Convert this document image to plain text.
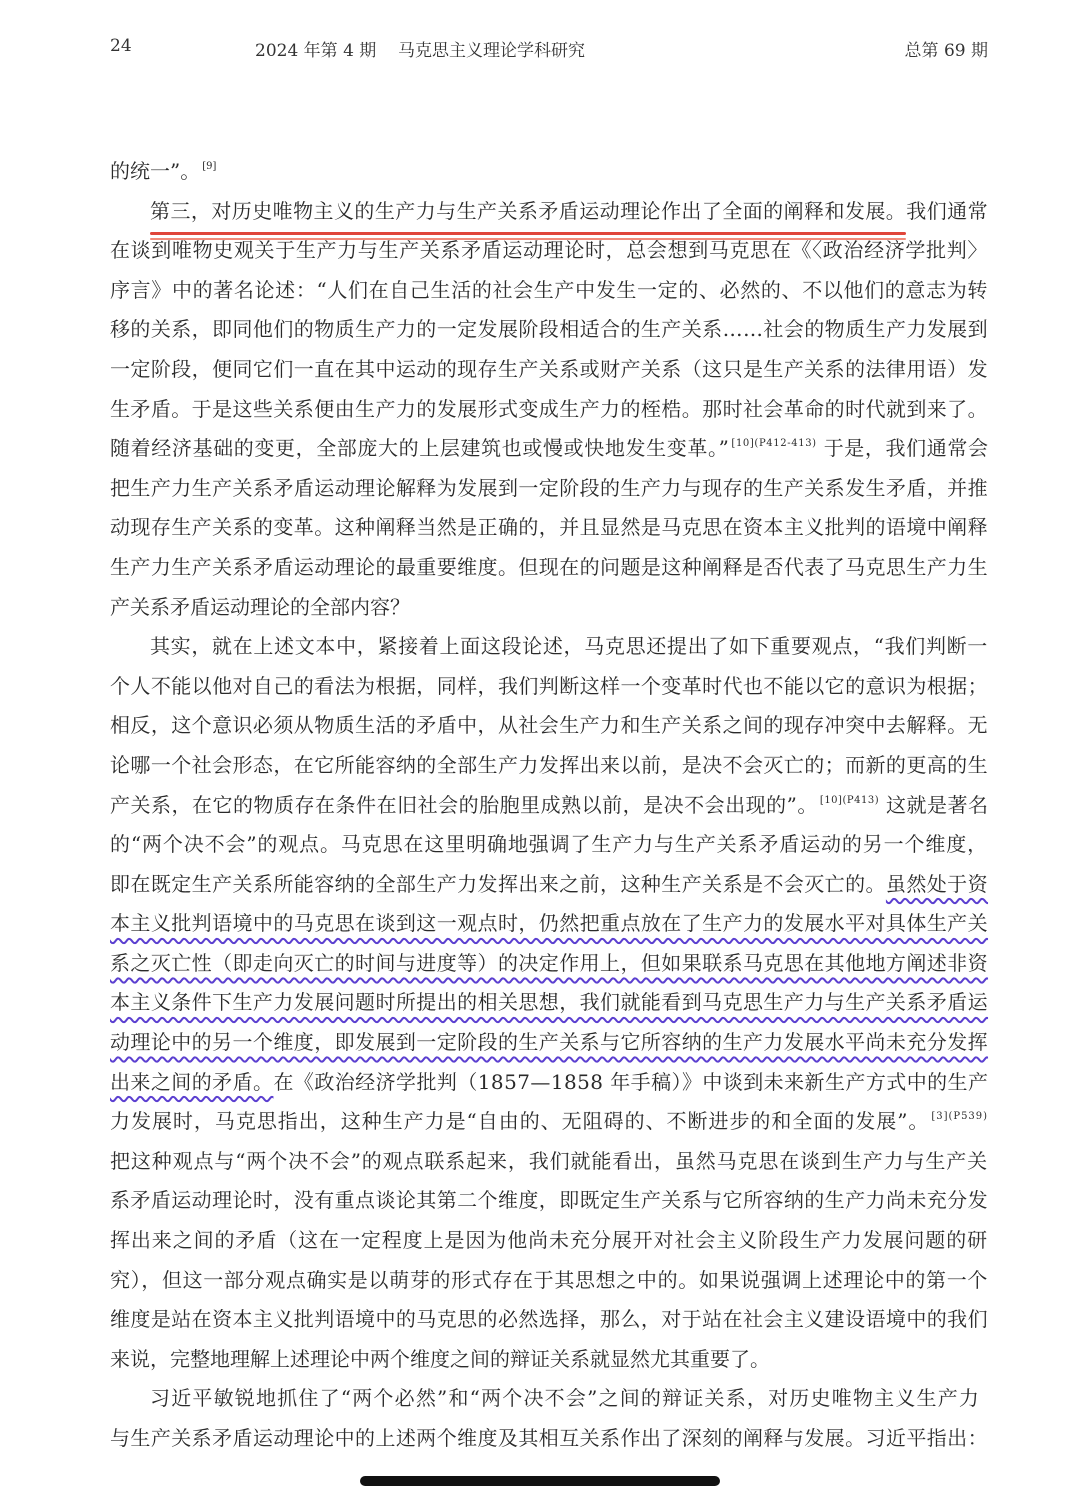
24	2024 年第 4 期 马克思主义理论学科研究	总第 69 期
的统一”。 [9]
第三，对历史唯物主义的生产力与生产关系矛盾运动理论作出了全面的阐释和发展。
我们通常
在谈到唯物史观关于生产力与生产关系矛盾运动理论时，总会想到马克思在《〈政治经济学批判〉
序言》中的著名论述：“人们在自己生活的社会生产中发生一定的、必然的、不以他们的意志为转
移的关系，即同他们的物质生产力的一定发展阶段相适合的生产关系……社会的物质生产力发展到
一定阶段，便同它们一直在其中运动的现存生产关系或财产关系（这只是生产关系的法律用语）发
生矛盾。于是这些关系便由生产力的发展形式变成生产力的桎梏。那时社会革命的时代就到来了。
随着经济基础的变更，全部庞大的上层建筑也或慢或快地发生变革。” $^{[10](P412-413)}$ 于是，我们通常会
把生产力生产关系矛盾运动理论解释为发展到一定阶段的生产力与现存的生产关系发生矛盾，并推
动现存生产关系的变革。这种阐释当然是正确的，并且显然是马克思在资本主义批判的语境中阐释
生产力生产关系矛盾运动理论的最重要维度。但现在的问题是这种阐释是否代表了马克思生产力生
产关系矛盾运动理论的全部内容？
其实，就在上述文本中，紧接着上面这段论述，马克思还提出了如下重要观点，“我们判断一
个人不能以他对自己的看法为根据，同样，我们判断这样一个变革时代也不能以它的意识为根据；
相反，这个意识必须从物质生活的矛盾中，从社会生产力和生产关系之间的现存冲突中去解释。无
论哪一个社会形态，在它所能容纳的全部生产力发挥出来以前，是决不会灭亡的；而新的更高的生
产关系，在它的物质存在条件在旧社会的胎胞里成熟以前，是决不会出现的”。 $^{[10](P413)}$ 这就是著名
的“两个决不会”的观点。马克思在这里明确地强调了生产力与生产关系矛盾运动的另一个维度，
即在既定生产关系所能容纳的全部生产力发挥出来之前，这种生产关系是不会灭亡的。虽然处于资
本主义批判语境中的马克思在谈到这一观点时，仍然把重点放在了生产力的发展水平对具体生产关
系之灭亡性（即走向灭亡的时间与进度等）的决定作用上，但如果联系马克思在其他地方阐述非资
本主义条件下生产力发展问题时所提出的相关思想，我们就能看到马克思生产力与生产关系矛盾运
动理论中的另一个维度，即发展到一定阶段的生产关系与它所容纳的生产力发展水平尚未充分发挥
出来之间的矛盾。在《政治经济学批判（1857—1858 年手稿）》中谈到未来新生产方式中的生产
力发展时，马克思指出，这种生产力是“自由的、无阻碍的、不断进步的和全面的发展”。 $^{[3](P539)}$
把这种观点与“两个决不会”的观点联系起来，我们就能看出，虽然马克思在谈到生产力与生产关
系矛盾运动理论时，没有重点谈论其第二个维度，即既定生产关系与它所容纳的生产力尚未充分发
挥出来之间的矛盾（这在一定程度上是因为他尚未充分展开对社会主义阶段生产力发展问题的研
究），但这一部分观点确实是以萌芽的形式存在于其思想之中的。如果说强调上述理论中的第一个
维度是站在资本主义批判语境中的马克思的必然选择，那么，对于站在社会主义建设语境中的我们
来说，完整地理解上述理论中两个维度之间的辩证关系就显然尤其重要了。
习近平敏锐地抓住了“两个必然”和“两个决不会”之间的辩证关系，对历史唯物主义生产力
与生产关系矛盾运动理论中的上述两个维度及其相互关系作出了深刻的阐释与发展。习近平指出：
